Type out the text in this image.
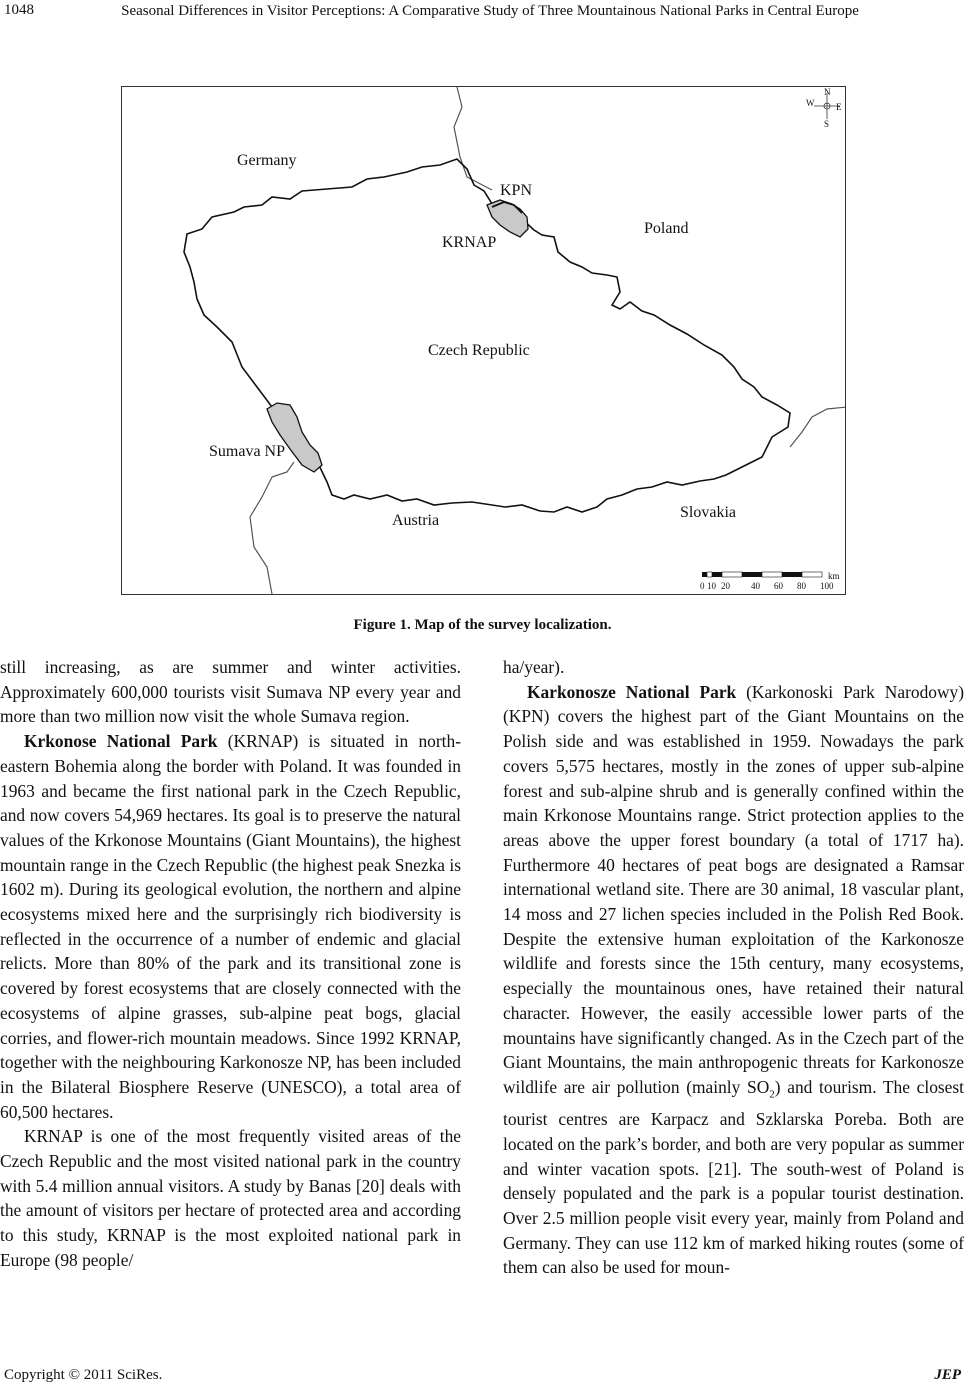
1048	Seasonal Differences in Visitor Perceptions: A Comparative Study of Three Mountainous National Parks in Central Europe
Germany
KPN
KRNAP
Poland
Czech Republic
Sumava NP
Austria	Slovakia
N
S
E
W
km
0 10 20 40 60 80 100
Figure 1. Map of the survey localization.

still increasing, as are summer and winter activities. Approximately 600,000 tourists visit Sumava NP every year and more than two million now visit the whole Sumava region.

Krkonose National Park (KRNAP) is situated in north-eastern Bohemia along the border with Poland. It was founded in 1963 and became the first national park in the Czech Republic, and now covers 54,969 hectares. Its goal is to preserve the natural values of the Krkonose Mountains (Giant Mountains), the highest mountain range in the Czech Republic (the highest peak Snezka is 1602 m). During its geological evolution, the northern and alpine ecosystems mixed here and the surprisingly rich biodiversity is reflected in the occurrence of a number of endemic and glacial relicts. More than 80% of the park and its transitional zone is covered by forest ecosystems that are closely connected with the ecosystems of alpine grasses, sub-alpine peat bogs, glacial corries, and flower-rich mountain meadows. Since 1992 KRNAP, together with the neighbouring Karkonosze NP, has been included in the Bilateral Biosphere Reserve (UNESCO), a total area of 60,500 hectares.

KRNAP is one of the most frequently visited areas of the Czech Republic and the most visited national park in the country with 5.4 million annual visitors. A study by Banas [20] deals with the amount of visitors per hectare of protected area and according to this study, KRNAP is the most exploited national park in Europe (98 people/

ha/year).

Karkonosze National Park (Karkonoski Park Narodowy) (KPN) covers the highest part of the Giant Mountains on the Polish side and was established in 1959. Nowadays the park covers 5,575 hectares, mostly in the zones of upper sub-alpine forest and sub-alpine shrub and is generally confined within the main Krkonose Mountains range. Strict protection applies to the areas above the upper forest boundary (a total of 1717 ha). Furthermore 40 hectares of peat bogs are designated a Ramsar international wetland site. There are 30 animal, 18 vascular plant, 14 moss and 27 lichen species included in the Polish Red Book. Despite the extensive human exploitation of the Karkonosze wildlife and forests since the 15th century, many ecosystems, especially the mountainous ones, have retained their natural character. However, the easily accessible lower parts of the mountains have significantly changed. As in the Czech part of the Giant Mountains, the main anthropogenic threats for Karkonosze wildlife are air pollution (mainly $SO_2$) and tourism. The closest tourist centres are Karpacz and Szklarska Poreba. Both are located on the park’s border, and both are very popular as summer and winter vacation spots. [21]. The south-west of Poland is densely populated and the park is a popular tourist destination. Over 2.5 million people visit every year, mainly from Poland and Germany. They can use 112 km of marked hiking routes (some of them can also be used for moun-

Copyright © 2011 SciRes.	JEP
